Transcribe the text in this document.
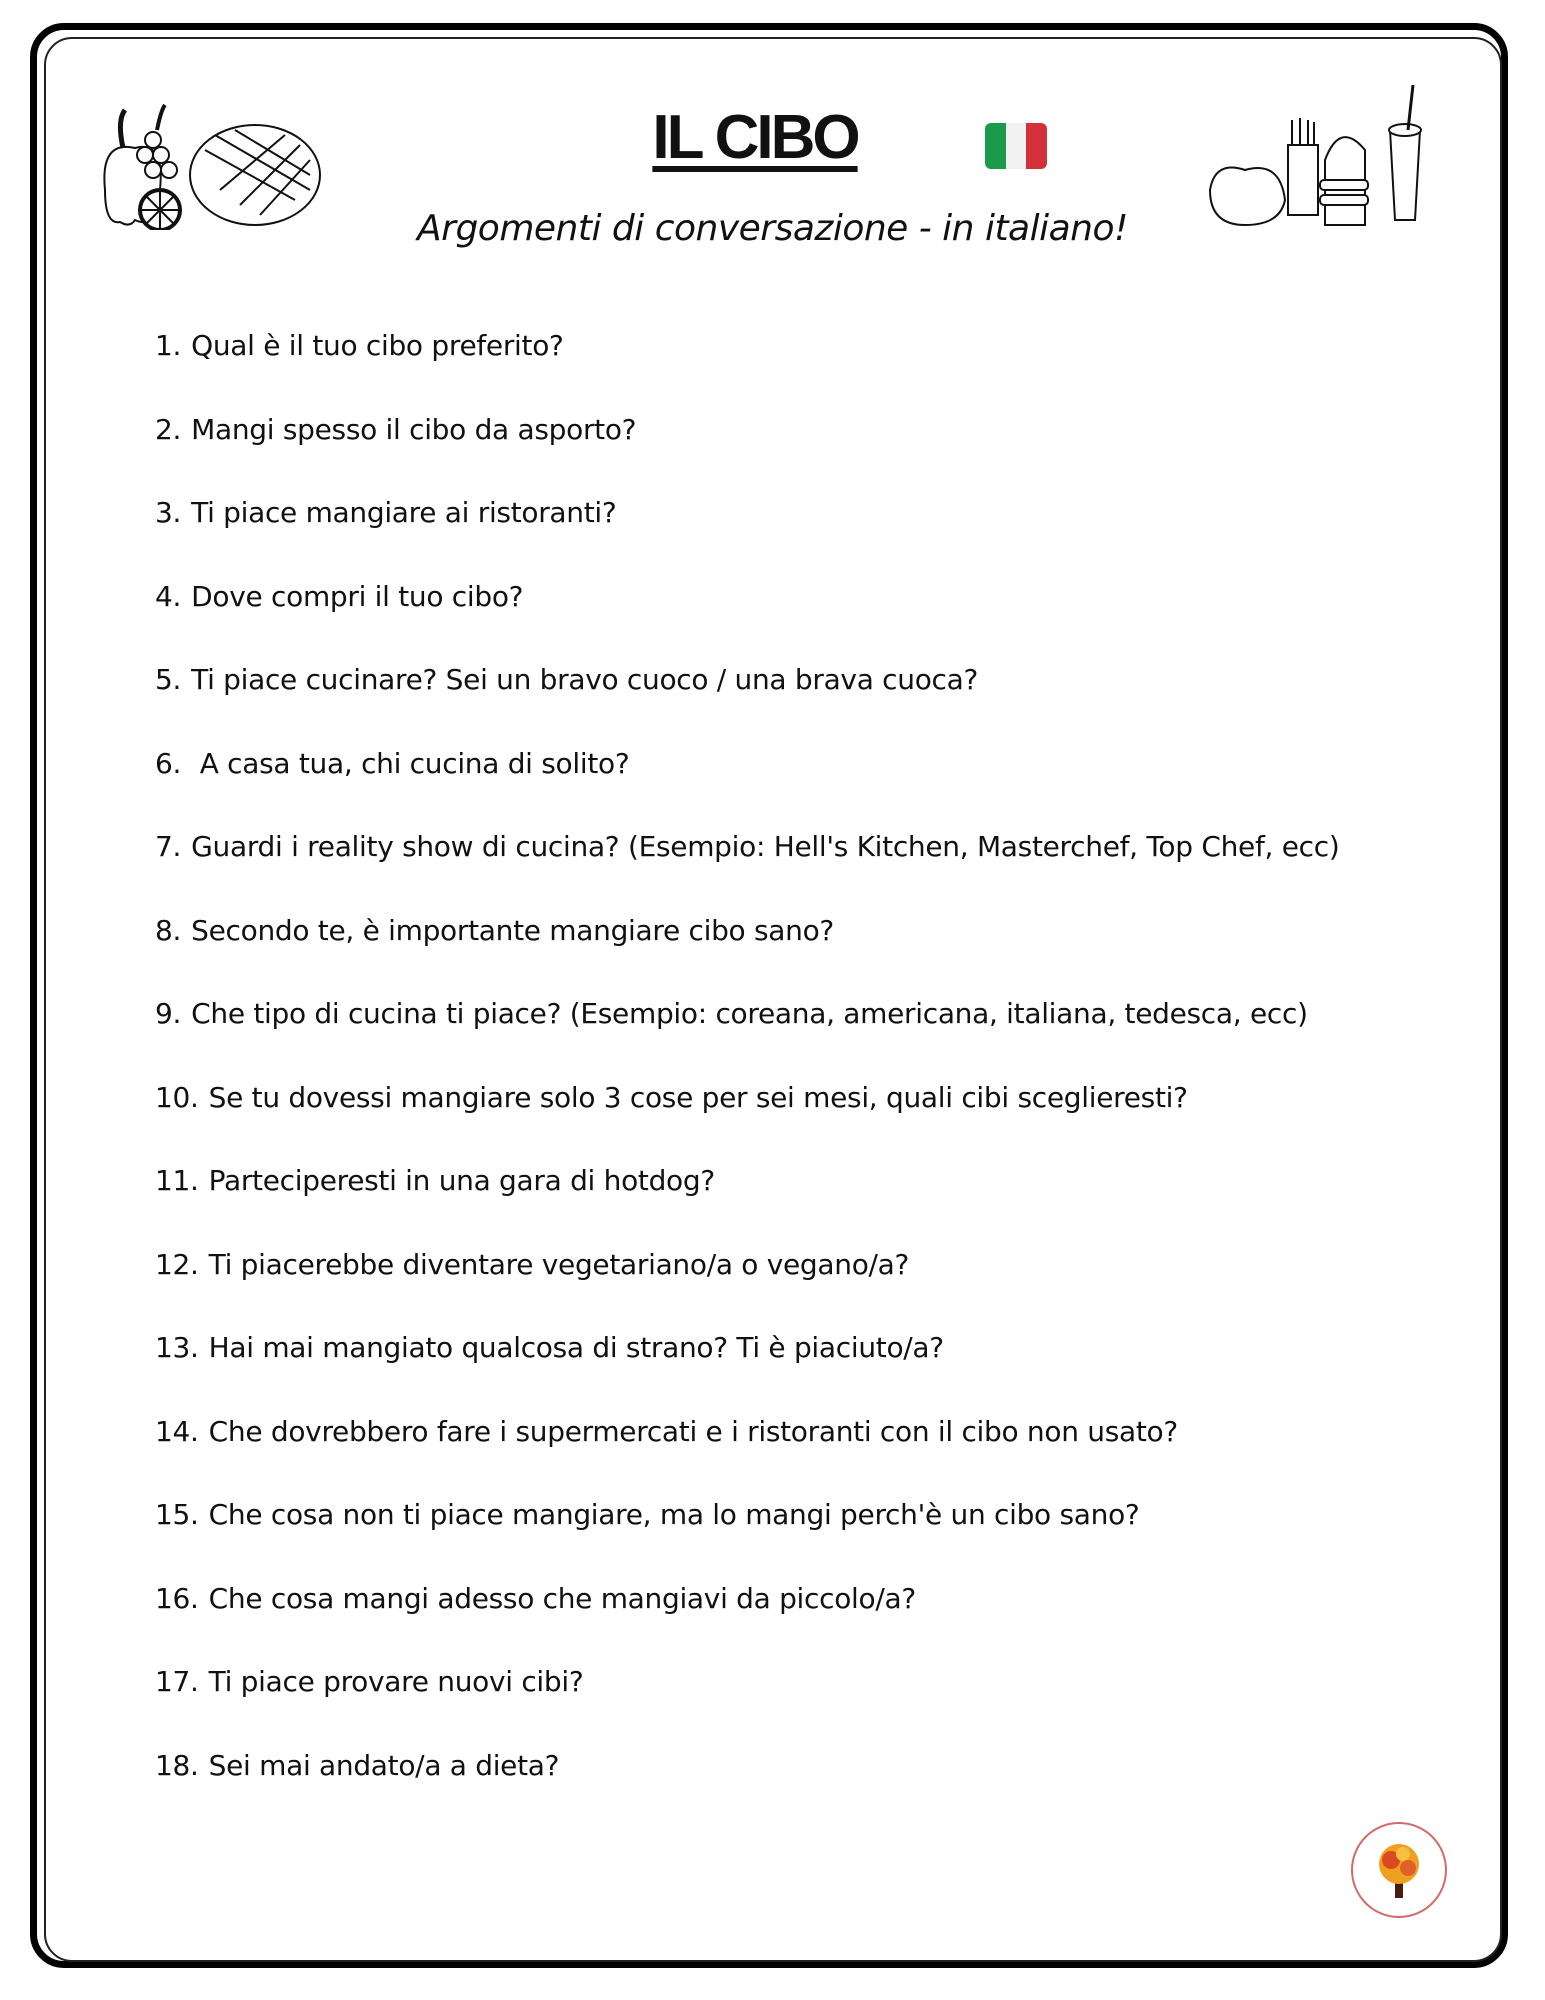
IL CIBO
Argomenti di conversazione - in italiano!
1. Qual è il tuo cibo preferito?
2. Mangi spesso il cibo da asporto?
3. Ti piace mangiare ai ristoranti?
4. Dove compri il tuo cibo?
5. Ti piace cucinare? Sei un bravo cuoco / una brava cuoca?
6. A casa tua, chi cucina di solito?
7. Guardi i reality show di cucina? (Esempio: Hell's Kitchen, Masterchef, Top Chef, ecc)
8. Secondo te, è importante mangiare cibo sano?
9. Che tipo di cucina ti piace? (Esempio: coreana, americana, italiana, tedesca, ecc)
10. Se tu dovessi mangiare solo 3 cose per sei mesi, quali cibi sceglieresti?
11. Parteciperesti in una gara di hotdog?
12. Ti piacerebbe diventare vegetariano/a o vegano/a?
13. Hai mai mangiato qualcosa di strano? Ti è piaciuto/a?
14. Che dovrebbero fare i supermercati e i ristoranti con il cibo non usato?
15. Che cosa non ti piace mangiare, ma lo mangi perch'è un cibo sano?
16. Che cosa mangi adesso che mangiavi da piccolo/a?
17. Ti piace provare nuovi cibi?
18. Sei mai andato/a a dieta?
